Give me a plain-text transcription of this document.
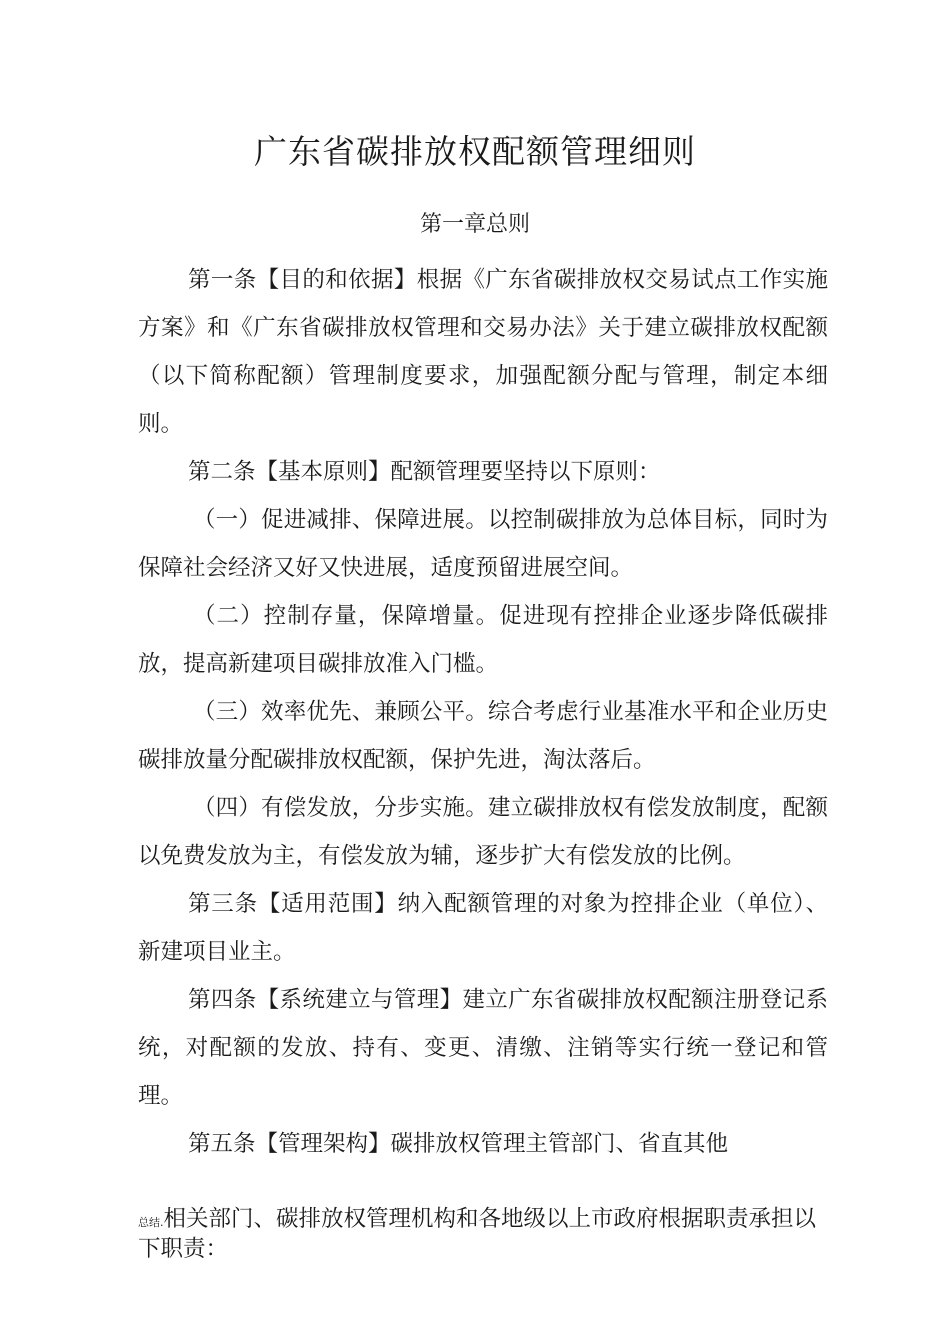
广东省碳排放权配额管理细则
第一章总则

第一条【目的和依据】根据《广东省碳排放权交易试点工作实施方案》和《广东省碳排放权管理和交易办法》关于建立碳排放权配额（以下简称配额）管理制度要求，加强配额分配与管理，制定本细则。

第二条【基本原则】配额管理要坚持以下原则：

（一）促进减排、保障进展。以控制碳排放为总体目标，同时为保障社会经济又好又快进展，适度预留进展空间。

（二）控制存量，保障增量。促进现有控排企业逐步降低碳排放，提高新建项目碳排放准入门槛。

（三）效率优先、兼顾公平。综合考虑行业基准水平和企业历史碳排放量分配碳排放权配额，保护先进，淘汰落后。

（四）有偿发放，分步实施。建立碳排放权有偿发放制度，配额以免费发放为主，有偿发放为辅，逐步扩大有偿发放的比例。

第三条【适用范围】纳入配额管理的对象为控排企业（单位）、新建项目业主。

第四条【系统建立与管理】建立广东省碳排放权配额注册登记系统，对配额的发放、持有、变更、清缴、注销等实行统一登记和管理。

第五条【管理架构】碳排放权管理主管部门、省直其他

总结.相关部门、碳排放权管理机构和各地级以上市政府根据职责承担以下职责：
